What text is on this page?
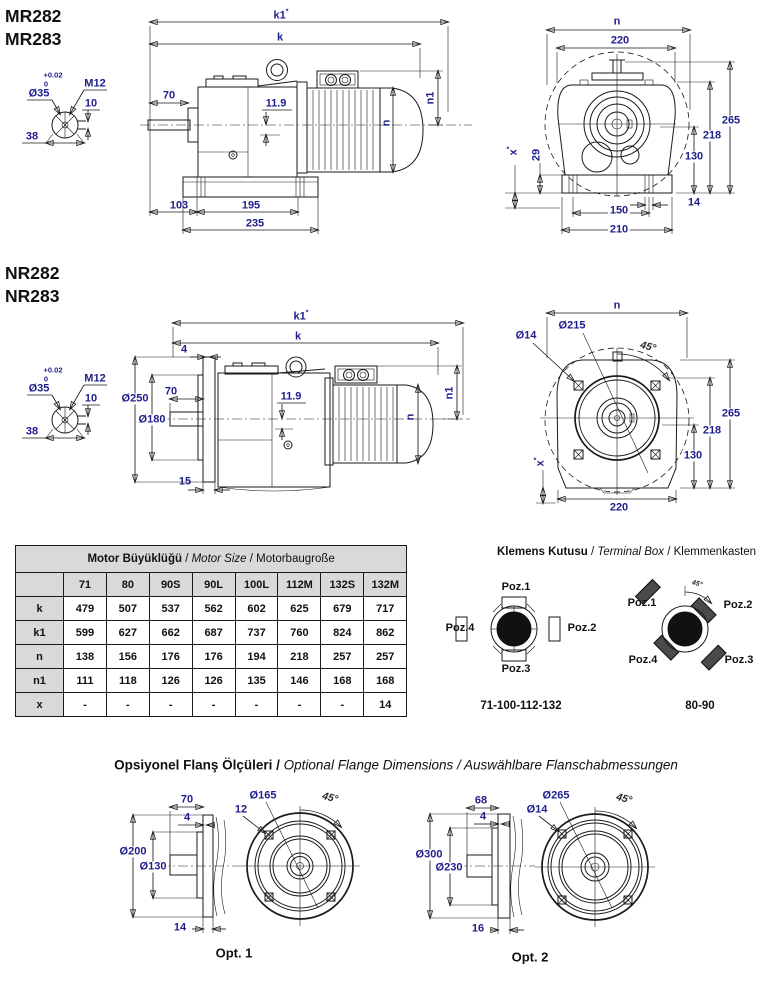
MR282
MR283
+0.02
0
Ø35
M12
10
38
k1*
k
70
11.9	n1
n
103	195
235
n
220
265
218
130
29
x*
14
150
210
NR282
NR283
+0.02
0
Ø35
M12
10
38
k1*
k
4
70
Ø250
Ø180
11.9
15
n1
n
n
Ø215
Ø14
45°
265
218
130
x*
220
Motor Büyüklüğü / Motor Size / Motorbaugroße								
	71	80	90S	90L	100L	112M	132S	132M
k	479	507	537	562	602	625	679	717
k1	599	627	662	687	737	760	824	862
n	138	156	176	176	194	218	257	257
n1	111	118	126	126	135	146	168	168
x	-	-	-	-	-	-	-	14
Klemens Kutusu / Terminal Box / Klemmenkasten
Poz.1
Poz.2
Poz.3
Poz.4
71-100-112-132
Poz.1	Poz.2
Poz.3
Poz.4
45°
80-90
Opsiyonel Flanş Ölçüleri / Optional Flange Dimensions / Auswählbare Flanschabmessungen
70
4
Ø200
Ø130
14
Ø165
12
45°
Opt. 1
68
4
Ø300
Ø230
16
Ø265
Ø14
45°
Opt. 2
